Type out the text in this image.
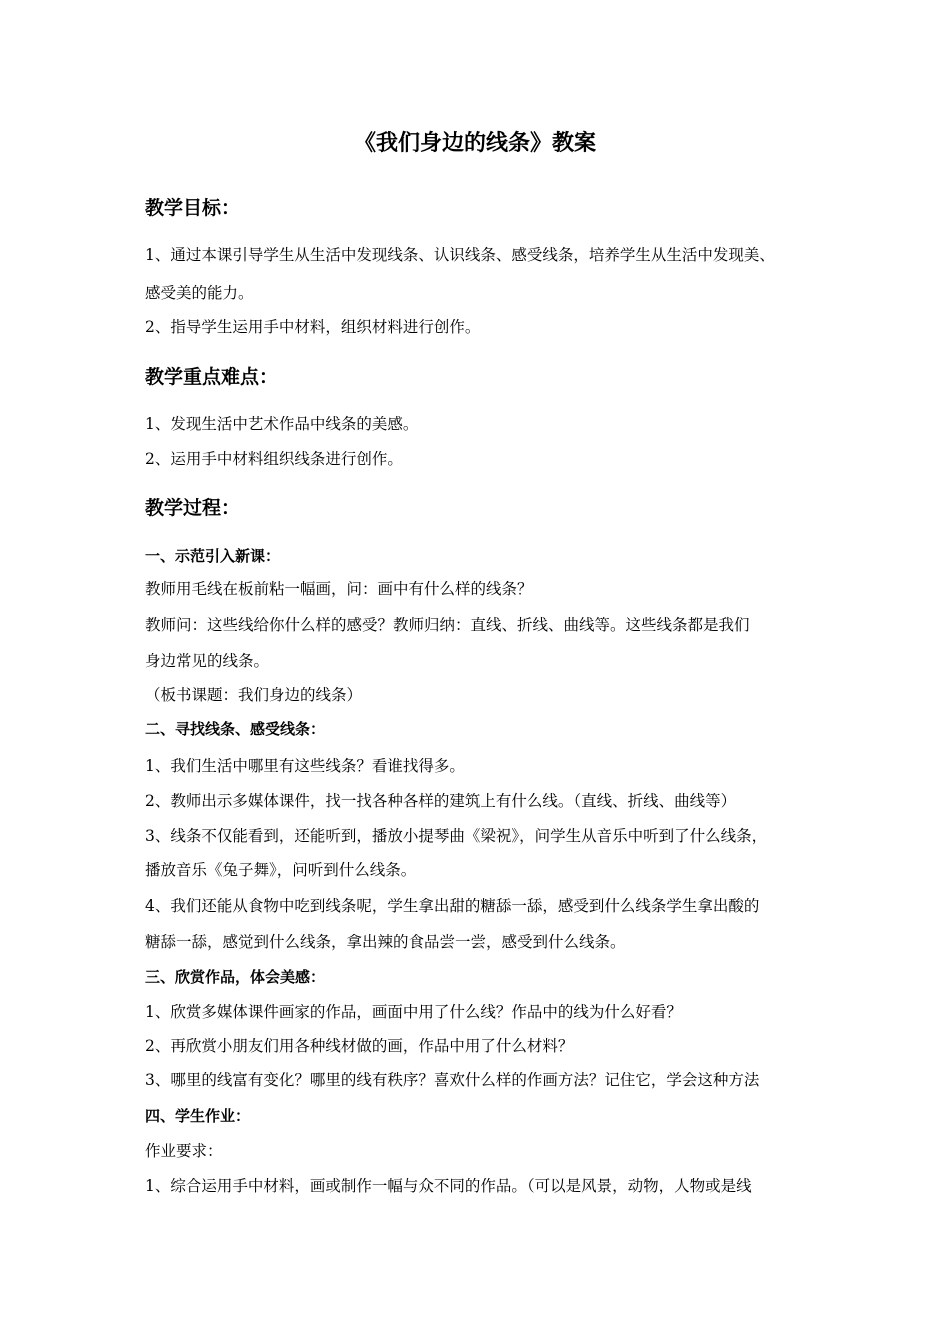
《我们身边的线条》教案
教学目标：
1、通过本课引导学生从生活中发现线条、认识线条、感受线条，培养学生从生活中发现美、
感受美的能力。
2、指导学生运用手中材料，组织材料进行创作。
教学重点难点：
1、发现生活中艺术作品中线条的美感。
2、运用手中材料组织线条进行创作。
教学过程：
一、示范引入新课：
教师用毛线在板前粘一幅画，问：画中有什么样的线条？
教师问：这些线给你什么样的感受？教师归纳：直线、折线、曲线等。这些线条都是我们
身边常见的线条。
（板书课题：我们身边的线条）
二、寻找线条、感受线条：
1、我们生活中哪里有这些线条？看谁找得多。
2、教师出示多媒体课件，找一找各种各样的建筑上有什么线。（直线、折线、曲线等）
3、线条不仅能看到，还能听到，播放小提琴曲《梁祝》，问学生从音乐中听到了什么线条，
播放音乐《兔子舞》，问听到什么线条。
4、我们还能从食物中吃到线条呢，学生拿出甜的糖舔一舔，感受到什么线条学生拿出酸的
糖舔一舔，感觉到什么线条，拿出辣的食品尝一尝，感受到什么线条。
三、欣赏作品，体会美感：
1、欣赏多媒体课件画家的作品，画面中用了什么线？作品中的线为什么好看？
2、再欣赏小朋友们用各种线材做的画，作品中用了什么材料？
3、哪里的线富有变化？哪里的线有秩序？喜欢什么样的作画方法？记住它，学会这种方法
四、学生作业：
作业要求：
1、综合运用手中材料，画或制作一幅与众不同的作品。（可以是风景，动物，人物或是线
